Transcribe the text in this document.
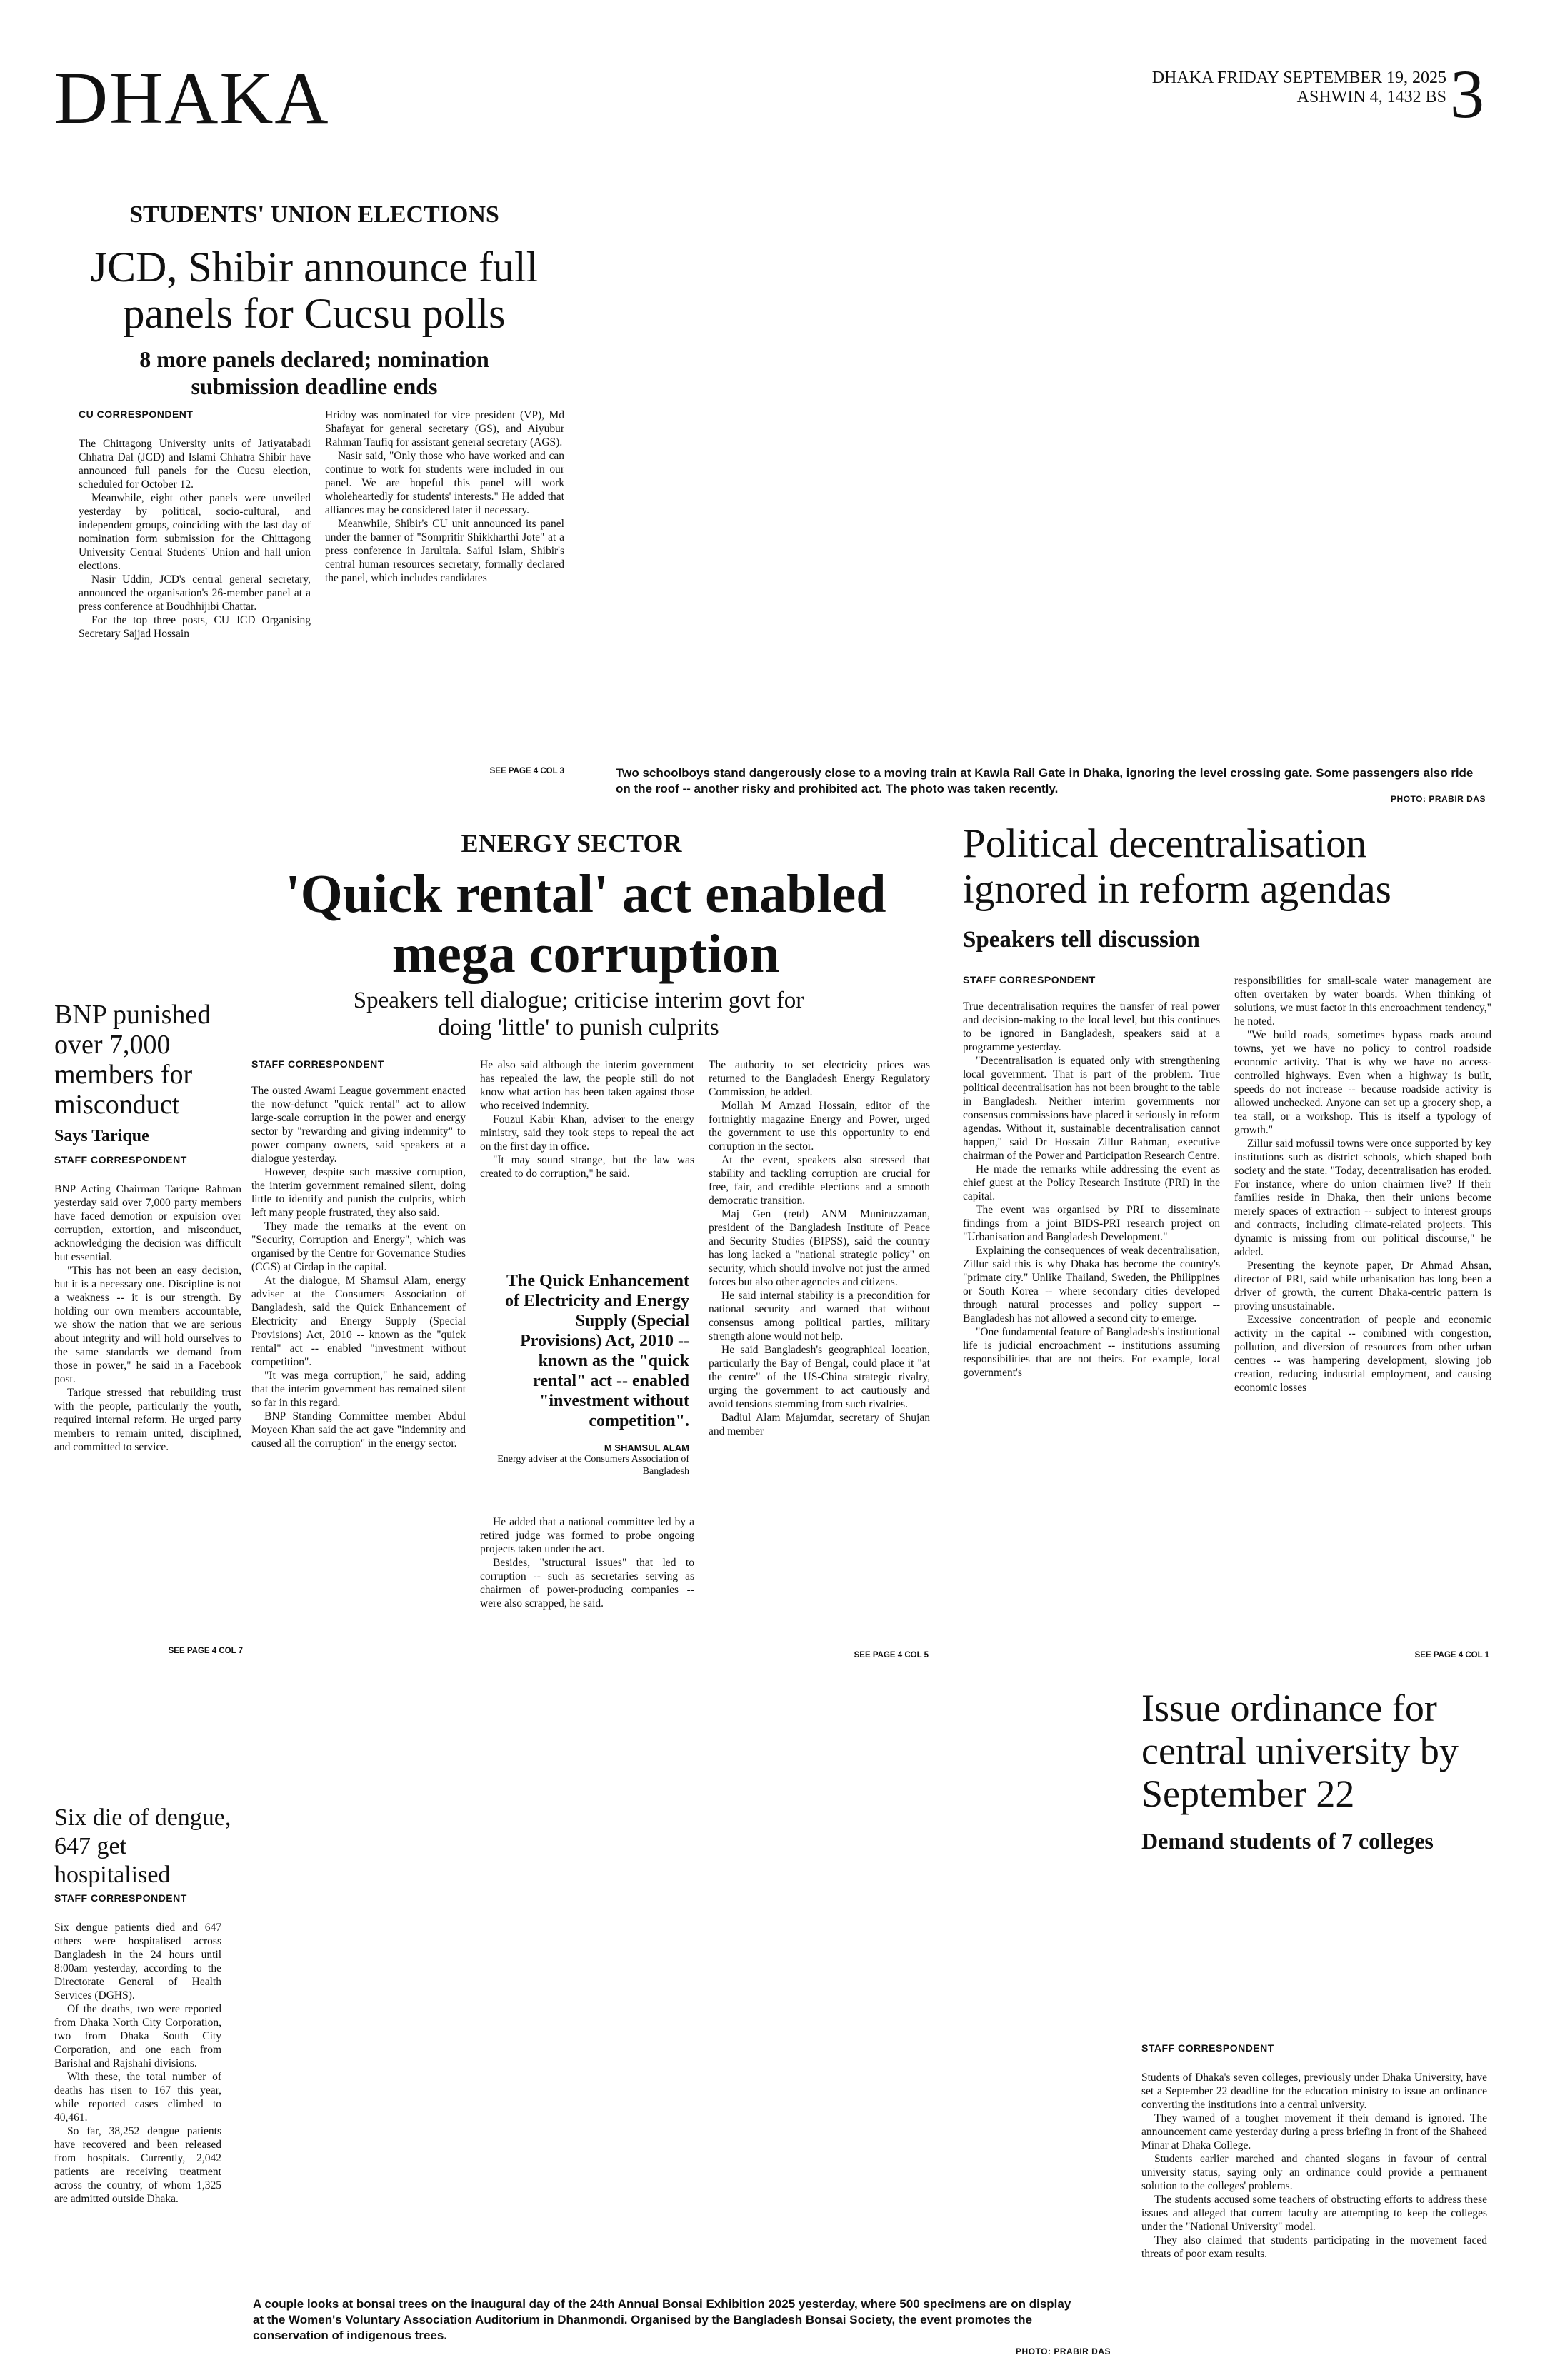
DHAKA	DHAKA FRIDAY SEPTEMBER 19, 2025
ASHWIN 4, 1432 BS 3
STUDENTS' UNION ELECTIONS
JCD, Shibir announce full panels for Cucsu polls
8 more panels declared; nomination submission deadline ends
CU CORRESPONDENT

The Chittagong University units of Jatiyatabadi Chhatra Dal (JCD) and Islami Chhatra Shibir have announced full panels for the Cucsu election, scheduled for October 12.

Meanwhile, eight other panels were unveiled yesterday by political, socio-cultural, and independent groups, coinciding with the last day of nomination form submission for the Chittagong University Central Students' Union and hall union elections.

Nasir Uddin, JCD's central general secretary, announced the organisation's 26-member panel at a press conference at Boudhhijibi Chattar.

For the top three posts, CU JCD Organising Secretary Sajjad Hossain

Hridoy was nominated for vice president (VP), Md Shafayat for general secretary (GS), and Aiyubur Rahman Taufiq for assistant general secretary (AGS).

Nasir said, "Only those who have worked and can continue to work for students were included in our panel. We are hopeful this panel will work wholeheartedly for students' interests." He added that alliances may be considered later if necessary.

Meanwhile, Shibir's CU unit announced its panel under the banner of "Sompritir Shikkharthi Jote" at a press conference in Jarultala. Saiful Islam, Shibir's central human resources secretary, formally declared the panel, which includes candidates

SEE PAGE 4 COL 3	Two schoolboys stand dangerously close to a moving train at Kawla Rail Gate in Dhaka, ignoring the level crossing gate. Some passengers also ride on the roof -- another risky and prohibited act. The photo was taken recently.
PHOTO: PRABIR DAS
ENERGY SECTOR
'Quick rental' act enabled mega corruption
Speakers tell dialogue; criticise interim govt for doing 'little' to punish culprits
STAFF CORRESPONDENT

The ousted Awami League government enacted the now-defunct "quick rental" act to allow large-scale corruption in the power and energy sector by "rewarding and giving indemnity" to power company owners, said speakers at a dialogue yesterday.

However, despite such massive corruption, the interim government remained silent, doing little to identify and punish the culprits, which left many people frustrated, they also said.

They made the remarks at the event on "Security, Corruption and Energy", which was organised by the Centre for Governance Studies (CGS) at Cirdap in the capital.

At the dialogue, M Shamsul Alam, energy adviser at the Consumers Association of Bangladesh, said the Quick Enhancement of Electricity and Energy Supply (Special Provisions) Act, 2010 -- known as the "quick rental" act -- enabled "investment without competition".

"It was mega corruption," he said, adding that the interim government has remained silent so far in this regard.

BNP Standing Committee member Abdul Moyeen Khan said the act gave "indemnity and caused all the corruption" in the energy sector.

He also said although the interim government has repealed the law, the people still do not know what action has been taken against those who received indemnity.

Fouzul Kabir Khan, adviser to the energy ministry, said they took steps to repeal the act on the first day in office.

"It may sound strange, but the law was created to do corruption," he said.

The Quick Enhancement of Electricity and Energy Supply (Special Provisions) Act, 2010 -- known as the "quick rental" act -- enabled "investment without competition".
M SHAMSUL ALAM
Energy adviser at the Consumers Association of Bangladesh

He added that a national committee led by a retired judge was formed to probe ongoing projects taken under the act.

Besides, "structural issues" that led to corruption -- such as secretaries serving as chairmen of power-producing companies -- were also scrapped, he said.

The authority to set electricity prices was returned to the Bangladesh Energy Regulatory Commission, he added.

Mollah M Amzad Hossain, editor of the fortnightly magazine Energy and Power, urged the government to use this opportunity to end corruption in the sector.

At the event, speakers also stressed that stability and tackling corruption are crucial for free, fair, and credible elections and a smooth democratic transition.

Maj Gen (retd) ANM Muniruzzaman, president of the Bangladesh Institute of Peace and Security Studies (BIPSS), said the country has long lacked a "national strategic policy" on security, which should involve not just the armed forces but also other agencies and citizens.

He said internal stability is a precondition for national security and warned that without consensus among political parties, military strength alone would not help.

He said Bangladesh's geographical location, particularly the Bay of Bengal, could place it "at the centre" of the US-China strategic rivalry, urging the government to act cautiously and avoid tensions stemming from such rivalries.

Badiul Alam Majumdar, secretary of Shujan and member

SEE PAGE 4 COL 5
BNP punished over 7,000 members for misconduct
Says Tarique
STAFF CORRESPONDENT

BNP Acting Chairman Tarique Rahman yesterday said over 7,000 party members have faced demotion or expulsion over corruption, extortion, and misconduct, acknowledging the decision was difficult but essential.

"This has not been an easy decision, but it is a necessary one. Discipline is not a weakness -- it is our strength. By holding our own members accountable, we show the nation that we are serious about integrity and will hold ourselves to the same standards we demand from those in power," he said in a Facebook post.

Tarique stressed that rebuilding trust with the people, particularly the youth, required internal reform. He urged party members to remain united, disciplined, and committed to service.

SEE PAGE 4 COL 7
Political decentralisation ignored in reform agendas
Speakers tell discussion
STAFF CORRESPONDENT

True decentralisation requires the transfer of real power and decision-making to the local level, but this continues to be ignored in Bangladesh, speakers said at a programme yesterday.

"Decentralisation is equated only with strengthening local government. That is part of the problem. True political decentralisation has not been brought to the table in Bangladesh. Neither interim governments nor consensus commissions have placed it seriously in reform agendas. Without it, sustainable decentralisation cannot happen," said Dr Hossain Zillur Rahman, executive chairman of the Power and Participation Research Centre.

He made the remarks while addressing the event as chief guest at the Policy Research Institute (PRI) in the capital.

The event was organised by PRI to disseminate findings from a joint BIDS-PRI research project on "Urbanisation and Bangladesh Development."

Explaining the consequences of weak decentralisation, Zillur said this is why Dhaka has become the country's "primate city." Unlike Thailand, Sweden, the Philippines or South Korea -- where secondary cities developed through natural processes and policy support -- Bangladesh has not allowed a second city to emerge.

"One fundamental feature of Bangladesh's institutional life is judicial encroachment -- institutions assuming responsibilities that are not theirs. For example, local government's

responsibilities for small-scale water management are often overtaken by water boards. When thinking of solutions, we must factor in this encroachment tendency," he noted.

"We build roads, sometimes bypass roads around towns, yet we have no policy to control roadside economic activity. That is why we have no access-controlled highways. Even when a highway is built, speeds do not increase -- because roadside activity is allowed unchecked. Anyone can set up a grocery shop, a tea stall, or a workshop. This is itself a typology of growth."

Zillur said mofussil towns were once supported by key institutions such as district schools, which shaped both society and the state. "Today, decentralisation has eroded. For instance, where do union chairmen live? If their families reside in Dhaka, then their unions become merely spaces of extraction -- subject to interest groups and contracts, including climate-related projects. This dynamic is missing from our political discourse," he added.

Presenting the keynote paper, Dr Ahmad Ahsan, director of PRI, said while urbanisation has long been a driver of growth, the current Dhaka-centric pattern is proving unsustainable.

Excessive concentration of people and economic activity in the capital -- combined with congestion, pollution, and diversion of resources from other urban centres -- was hampering development, slowing job creation, reducing industrial employment, and causing economic losses

SEE PAGE 4 COL 1
Six die of dengue, 647 get hospitalised
STAFF CORRESPONDENT

Six dengue patients died and 647 others were hospitalised across Bangladesh in the 24 hours until 8:00am yesterday, according to the Directorate General of Health Services (DGHS).

Of the deaths, two were reported from Dhaka North City Corporation, two from Dhaka South City Corporation, and one each from Barishal and Rajshahi divisions.

With these, the total number of deaths has risen to 167 this year, while reported cases climbed to 40,461.

So far, 38,252 dengue patients have recovered and been released from hospitals. Currently, 2,042 patients are receiving treatment across the country, of whom 1,325 are admitted outside Dhaka.

A couple looks at bonsai trees on the inaugural day of the 24th Annual Bonsai Exhibition 2025 yesterday, where 500 specimens are on display at the Women's Voluntary Association Auditorium in Dhanmondi. Organised by the Bangladesh Bonsai Society, the event promotes the conservation of indigenous trees.
PHOTO: PRABIR DAS
Issue ordinance for central university by September 22
Demand students of 7 colleges
STAFF CORRESPONDENT

Students of Dhaka's seven colleges, previously under Dhaka University, have set a September 22 deadline for the education ministry to issue an ordinance converting the institutions into a central university.

They warned of a tougher movement if their demand is ignored. The announcement came yesterday during a press briefing in front of the Shaheed Minar at Dhaka College.

Students earlier marched and chanted slogans in favour of central university status, saying only an ordinance could provide a permanent solution to the colleges' problems.

The students accused some teachers of obstructing efforts to address these issues and alleged that current faculty are attempting to keep the colleges under the "National University" model.

They also claimed that students participating in the movement faced threats of poor exam results.
